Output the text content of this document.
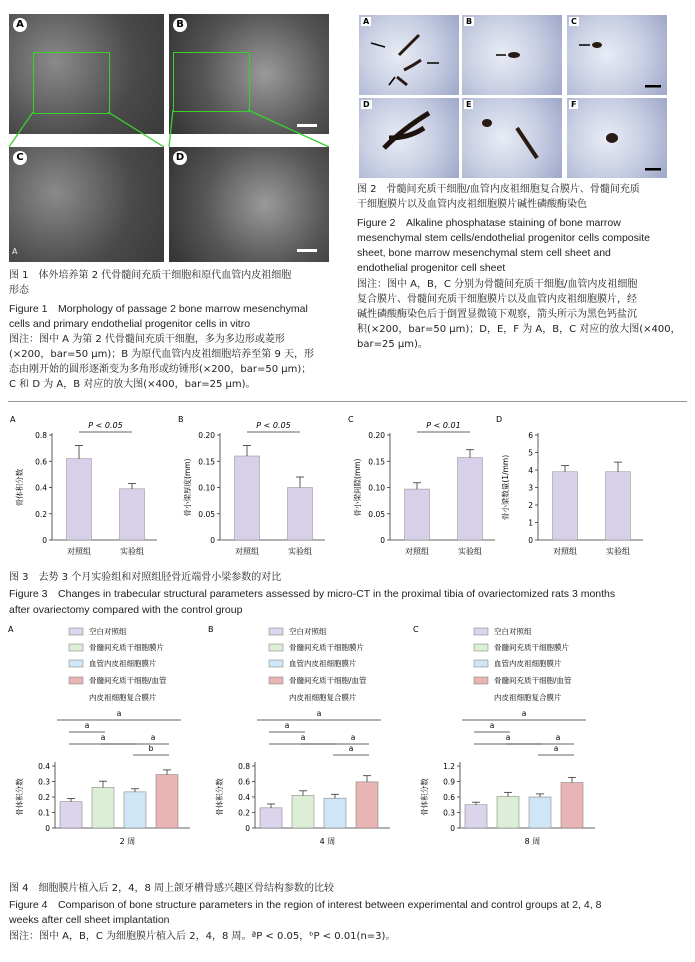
A	B
C
A
D
图 1　体外培养第 2 代骨髓间充质干细胞和原代血管内皮祖细胞
形态
Figure 1　Morphology of passage 2 bone marrow mesenchymal
cells and primary endothelial progenitor cells in vitro
图注：图中 A 为第 2 代骨髓间充质干细胞，多为多边形或菱形
(×200，bar=50 μm)；B 为原代血管内皮祖细胞培养至第 9 天，形
态由刚开始的圆形逐渐变为多角形或纺锤形(×200，bar=50 μm)；
C 和 D 为 A，B 对应的放大图(×400，bar=25 μm)。
A	B	C
D	E	F
图 2　骨髓间充质干细胞/血管内皮祖细胞复合膜片、骨髓间充质
干细胞膜片以及血管内皮祖细胞膜片碱性磷酸酶染色
Figure 2　Alkaline phosphatase staining of bone marrow
mesenchymal stem cells/endothelial progenitor cells composite
sheet, bone marrow mesenchymal stem cell sheet and
endothelial progenitor cell sheet
图注：图中 A，B，C 分别为骨髓间充质干细胞/血管内皮祖细胞
复合膜片、骨髓间充质干细胞膜片以及血管内皮祖细胞膜片，经
碱性磷酸酶染色后于倒置显微镜下观察，箭头所示为黑色钙盐沉
积(×200，bar=50 μm)；D，E，F 为 A，B，C 对应的放大图(×400，
bar=25 μm)。
A
0
0.2
0.4
0.6
0.8
骨体积分数
对照组	实验组
P < 0.05
B
0
0.05
0.10
0.15
0.20
骨小梁厚度(mm)
对照组	实验组
P < 0.05
C
0
0.05
0.10
0.15
0.20
骨小梁间隙(mm)
对照组	实验组
P < 0.01
D
0
1
2
3
4
5
6
骨小梁数量(1/mm)
对照组	实验组
图 3　去势 3 个月实验组和对照组胫骨近端骨小梁参数的对比
Figure 3　Changes in trabecular structural parameters assessed by micro-CT in the proximal tibia of ovariectomized rats 3 months
after ovariectomy compared with the control group
A	空白对照组
骨髓间充质干细胞膜片
血管内皮祖细胞膜片
骨髓间充质干细胞/血管
内皮祖细胞复合膜片
0
0.1
0.2
0.3
0.4
骨体积分数
2 周
a
a
a	a
b
B	空白对照组
骨髓间充质干细胞膜片
血管内皮祖细胞膜片
骨髓间充质干细胞/血管
内皮祖细胞复合膜片
0
0.2
0.4
0.6
0.8
骨体积分数
4 周
a
a
a	a
a
C	空白对照组
骨髓间充质干细胞膜片
血管内皮祖细胞膜片
骨髓间充质干细胞/血管
内皮祖细胞复合膜片
0
0.3
0.6
0.9
1.2
骨体积分数
8 周
a
a
a	a
a
图 4　细胞膜片植入后 2，4，8 周上颌牙槽骨感兴趣区骨结构参数的比较
Figure 4　Comparison of bone structure parameters in the region of interest between experimental and control groups at 2, 4, 8
weeks after cell sheet implantation
图注：图中 A，B，C 为细胞膜片植入后 2，4，8 周。ªP < 0.05，ᵇP < 0.01(n=3)。
